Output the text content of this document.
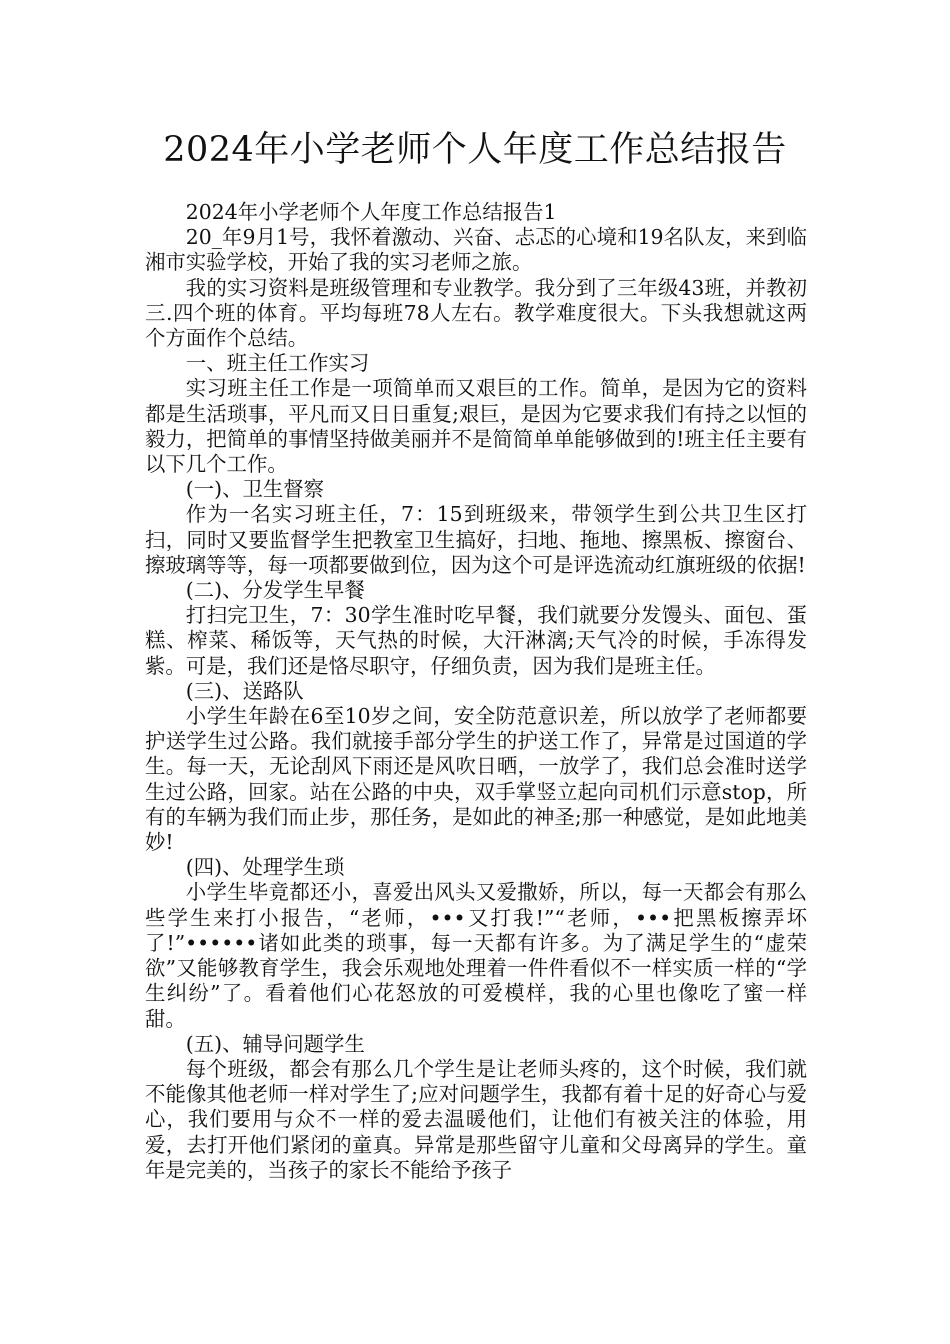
2024年小学老师个人年度工作总结报告

2024年小学老师个人年度工作总结报告1

20_年9月1号，我怀着激动、兴奋、忐忑的心境和19名队友，来到临湘市实验学校，开始了我的实习老师之旅。

我的实习资料是班级管理和专业教学。我分到了三年级43班，并教初三.四个班的体育。平均每班78人左右。教学难度很大。下头我想就这两个方面作个总结。

一、班主任工作实习

实习班主任工作是一项简单而又艰巨的工作。简单，是因为它的资料都是生活琐事，平凡而又日日重复;艰巨，是因为它要求我们有持之以恒的毅力，把简单的事情坚持做美丽并不是简简单单能够做到的!班主任主要有以下几个工作。

(一)、卫生督察

作为一名实习班主任，7：15到班级来，带领学生到公共卫生区打扫，同时又要监督学生把教室卫生搞好，扫地、拖地、擦黑板、擦窗台、擦玻璃等等，每一项都要做到位，因为这个可是评选流动红旗班级的依据!

(二)、分发学生早餐

打扫完卫生，7：30学生准时吃早餐，我们就要分发馒头、面包、蛋糕、榨菜、稀饭等，天气热的时候，大汗淋漓;天气冷的时候，手冻得发紫。可是，我们还是恪尽职守，仔细负责，因为我们是班主任。

(三)、送路队

小学生年龄在6至10岁之间，安全防范意识差，所以放学了老师都要护送学生过公路。我们就接手部分学生的护送工作了，异常是过国道的学生。每一天，无论刮风下雨还是风吹日晒，一放学了，我们总会准时送学生过公路，回家。站在公路的中央，双手掌竖立起向司机们示意stop，所有的车辆为我们而止步，那任务，是如此的神圣;那一种感觉，是如此地美妙!

(四)、处理学生琐

小学生毕竟都还小，喜爱出风头又爱撒娇，所以，每一天都会有那么些学生来打小报告，“老师，•••又打我!”“老师，•••把黑板擦弄坏了!”••••••诸如此类的琐事，每一天都有许多。为了满足学生的“虚荣欲”又能够教育学生，我会乐观地处理着一件件看似不一样实质一样的“学生纠纷”了。看着他们心花怒放的可爱模样，我的心里也像吃了蜜一样甜。

(五)、辅导问题学生

每个班级，都会有那么几个学生是让老师头疼的，这个时候，我们就不能像其他老师一样对学生了;应对问题学生，我都有着十足的好奇心与爱心，我们要用与众不一样的爱去温暖他们，让他们有被关注的体验，用爱，去打开他们紧闭的童真。异常是那些留守儿童和父母离异的学生。童年是完美的，当孩子的家长不能给予孩子
